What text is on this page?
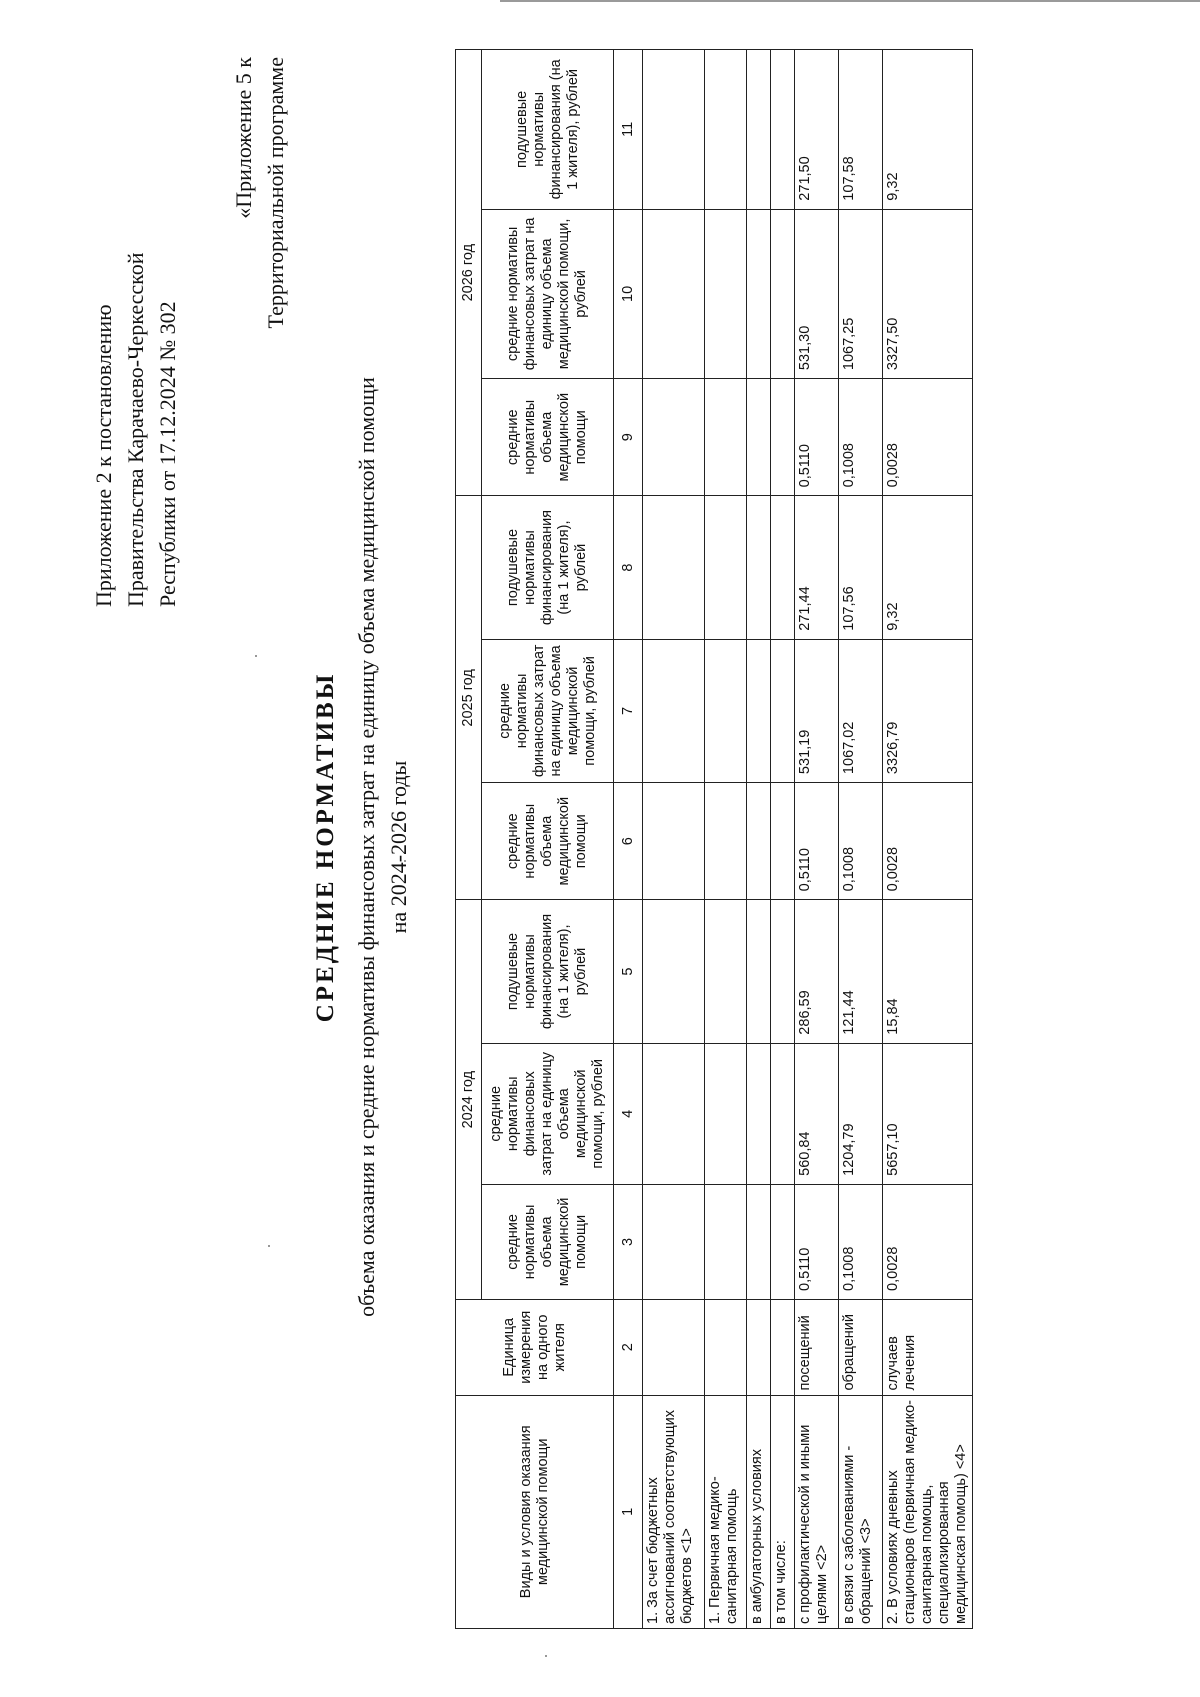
Приложение 2 к постановлению Правительства Карачаево-Черкесской Республики от 17.12.2024 № 302
«Приложение 5 к Территориальной программе
СРЕДНИЕ НОРМАТИВЫ объема оказания и средние нормативы финансовых затрат на единицу объема медицинской помощи на 2024-2026 годы
Виды и условия оказания медицинской помощи	Единица измерения на одного жителя	2024 год			2025 год			2026 год		
		средние нормативы объема медицинской помощи	средние нормативы финансовых затрат на единицу объема медицинской помощи, рублей	подушевые нормативы финансирования (на 1 жителя), рублей	средние нормативы объема медицинской помощи	средние нормативы финансовых затрат на единицу объема медицинской помощи, рублей	подушевые нормативы финансирования (на 1 жителя), рублей	средние нормативы объема медицинской помощи	средние нормативы финансовых затрат на единицу объема медицинской помощи, рублей	подушевые нормативы финансирования (на 1 жителя), рублей
1	2	3	4	5	6	7	8	9	10	11
1. За счет бюджетных ассигнований соответствующих бюджетов <1>										
1. Первичная медико-санитарная помощь										
в амбулаторных условиях										
в том числе:										
с профилактической и иными целями <2>	посещений	0,5110	560,84	286,59	0,5110	531,19	271,44	0,5110	531,30	271,50
в связи с заболеваниями - обращений <3>	обращений	0,1008	1204,79	121,44	0,1008	1067,02	107,56	0,1008	1067,25	107,58
2. В условиях дневных стационаров (первичная медико-санитарная помощь, специализированная медицинская помощь) <4>	случаев лечения	0,0028	5657,10	15,84	0,0028	3326,79	9,32	0,0028	3327,50	9,32
